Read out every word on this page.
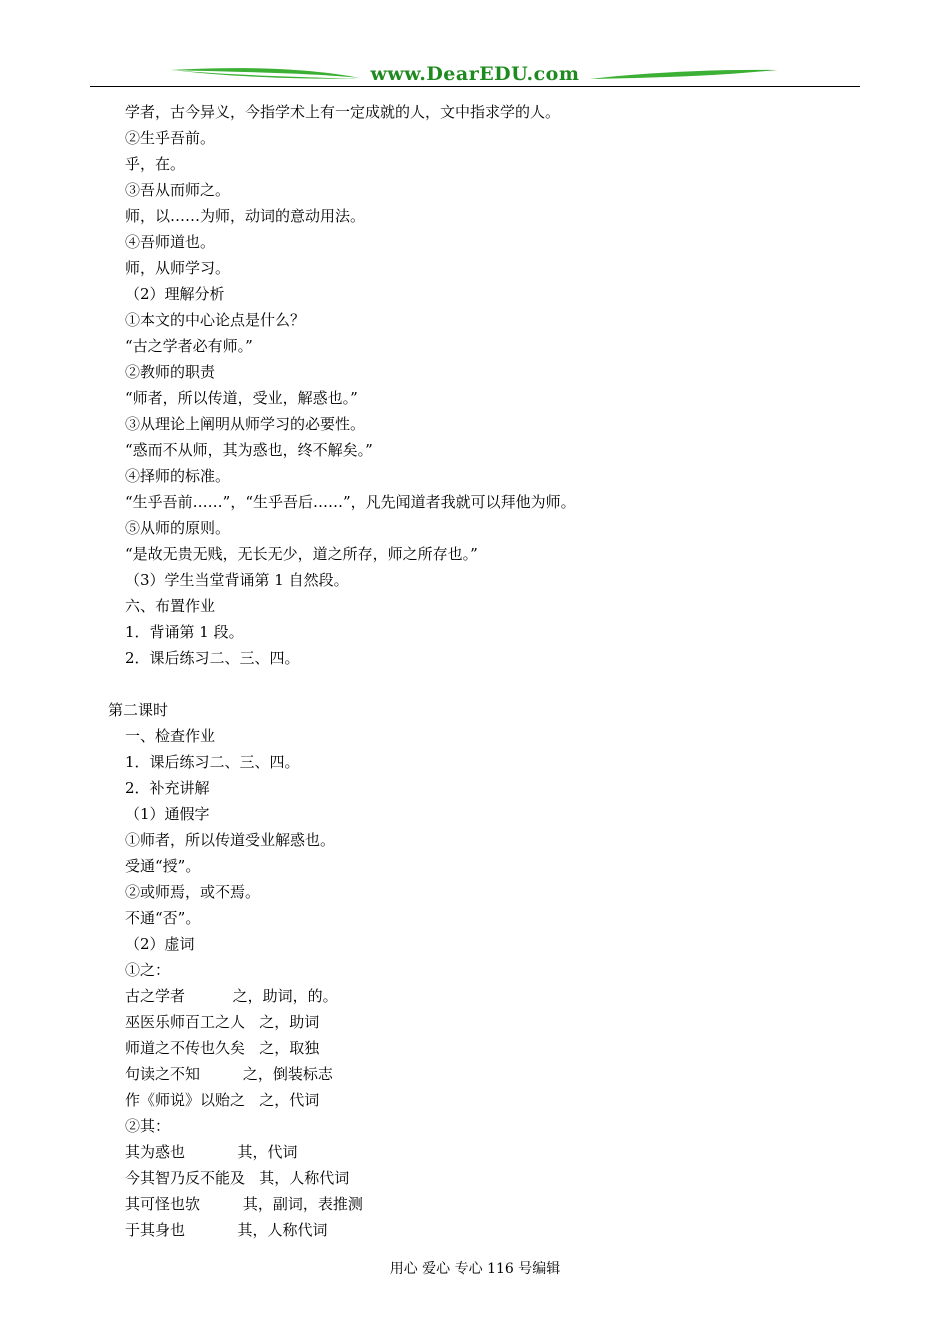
www.DearEDU.com
学者，古今异义，今指学术上有一定成就的人，文中指求学的人。
②生乎吾前。
乎，在。
③吾从而师之。
师，以……为师，动词的意动用法。
④吾师道也。
师，从师学习。
（2）理解分析
①本文的中心论点是什么？
“古之学者必有师。”
②教师的职责
“师者，所以传道，受业，解惑也。”
③从理论上阐明从师学习的必要性。
“惑而不从师，其为惑也，终不解矣。”
④择师的标准。
“生乎吾前……”，“生乎吾后……”，凡先闻道者我就可以拜他为师。
⑤从师的原则。
“是故无贵无贱，无长无少，道之所存，师之所存也。”
（3）学生当堂背诵第 1 自然段。
六、布置作业
1．背诵第 1 段。
2．课后练习二、三、四。
第二课时
一、检查作业
1．课后练习二、三、四。
2．补充讲解
（1）通假字
①师者，所以传道受业解惑也。
受通“授”。
②或师焉，或不焉。
不通“否”。
（2）虚词
①之：
古之学者          之，助词，的。
巫医乐师百工之人   之，助词
师道之不传也久矣   之，取独
句读之不知         之，倒装标志
作《师说》以贻之   之，代词
②其：
其为惑也           其，代词
今其智乃反不能及   其，人称代词
其可怪也欤         其，副词，表推测
于其身也           其，人称代词
用心 爱心 专心 116 号编辑
